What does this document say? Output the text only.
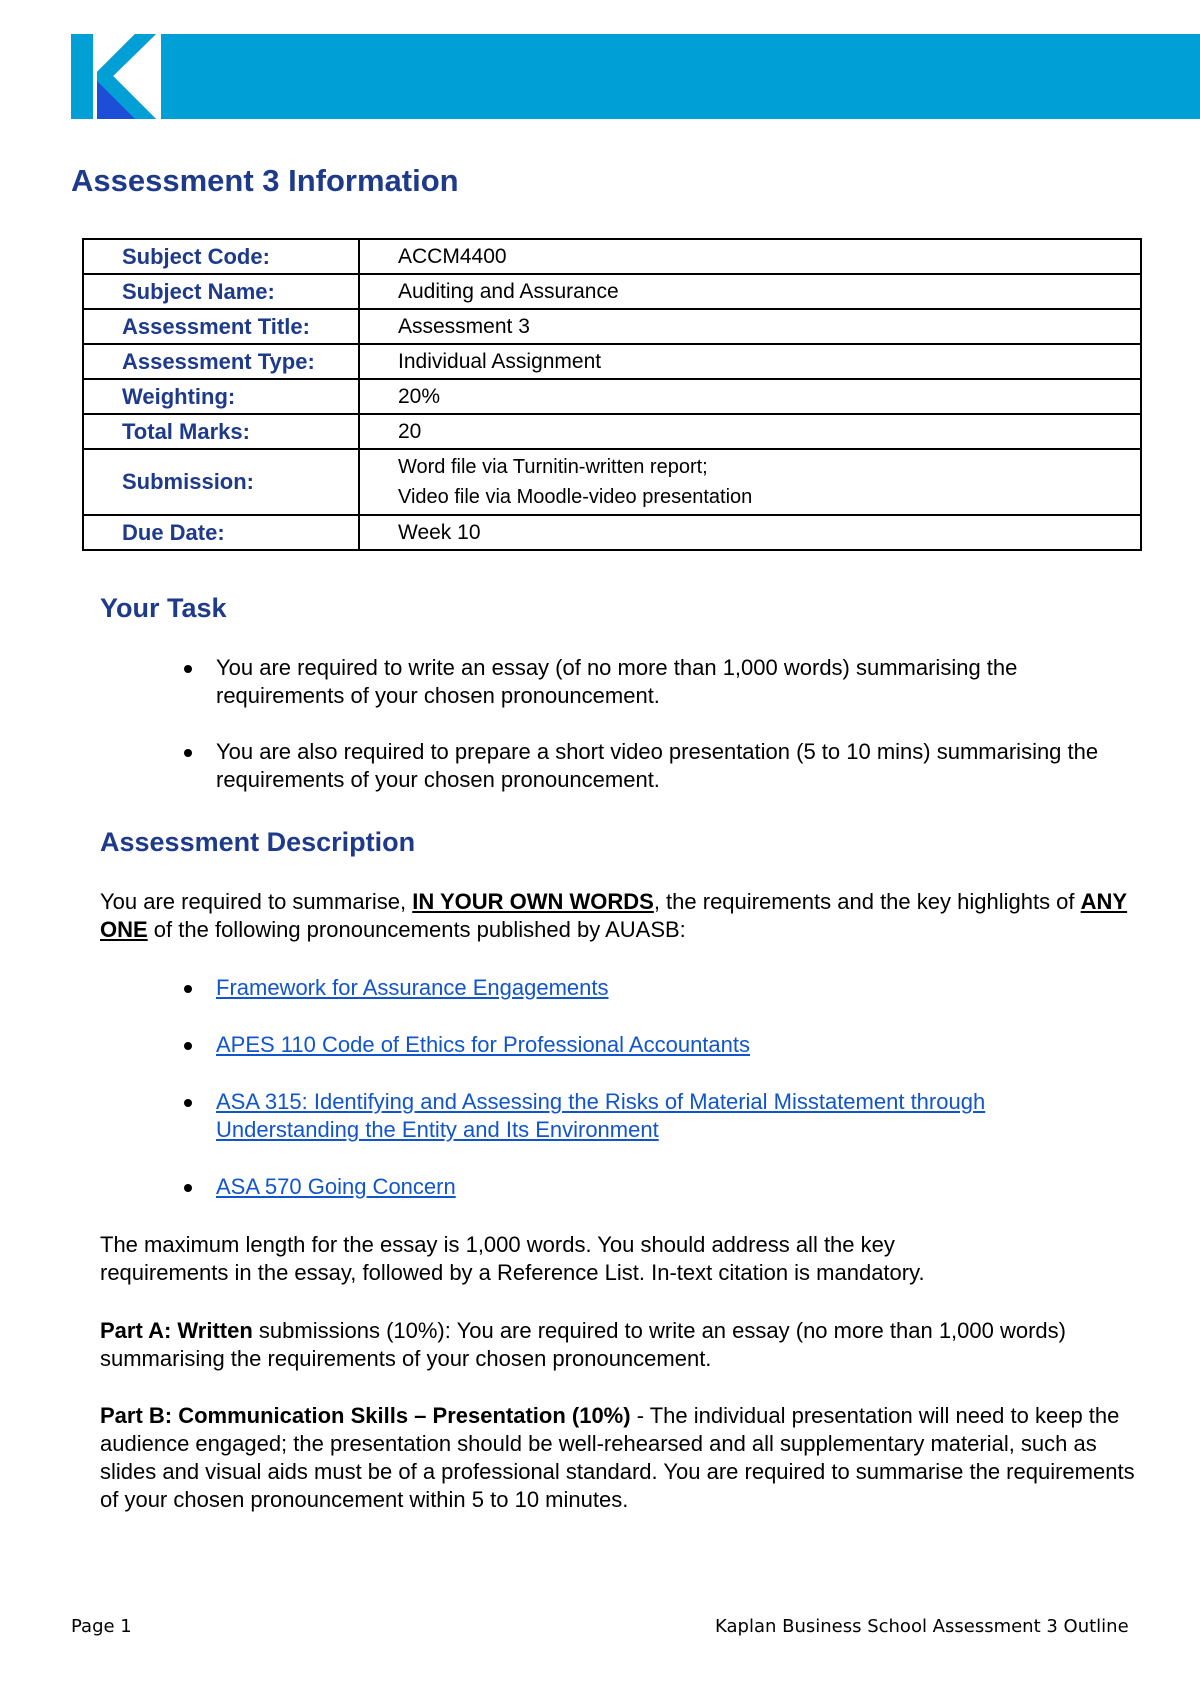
Assessment 3 Information
Subject Code:	ACCM4400
Subject Name:	Auditing and Assurance
Assessment Title:	Assessment 3
Assessment Type:	Individual Assignment
Weighting:	20%
Total Marks:	20
Submission:	Word file via Turnitin-written report;
Video file via Moodle-video presentation

Due Date:	Week 10
Your Task
You are required to write an essay (of no more than 1,000 words) summarising the requirements of your chosen pronouncement.
You are also required to prepare a short video presentation (5 to 10 mins) summarising the requirements of your chosen pronouncement.
Assessment Description
You are required to summarise, IN YOUR OWN WORDS, the requirements and the key highlights of ANY ONE of the following pronouncements published by AUASB:
Framework for Assurance Engagements
APES 110 Code of Ethics for Professional Accountants
ASA 315: Identifying and Assessing the Risks of Material Misstatement through Understanding the Entity and Its Environment
ASA 570 Going Concern
The maximum length for the essay is 1,000 words. You should address all the key requirements in the essay, followed by a Reference List. In-text citation is mandatory.
Part A: Written submissions (10%): You are required to write an essay (no more than 1,000 words) summarising the requirements of your chosen pronouncement.
Part B: Communication Skills – Presentation (10%) - The individual presentation will need to keep the audience engaged; the presentation should be well-rehearsed and all supplementary material, such as slides and visual aids must be of a professional standard. You are required to summarise the requirements of your chosen pronouncement within 5 to 10 minutes.
Page 1	Kaplan Business School Assessment 3 Outline
